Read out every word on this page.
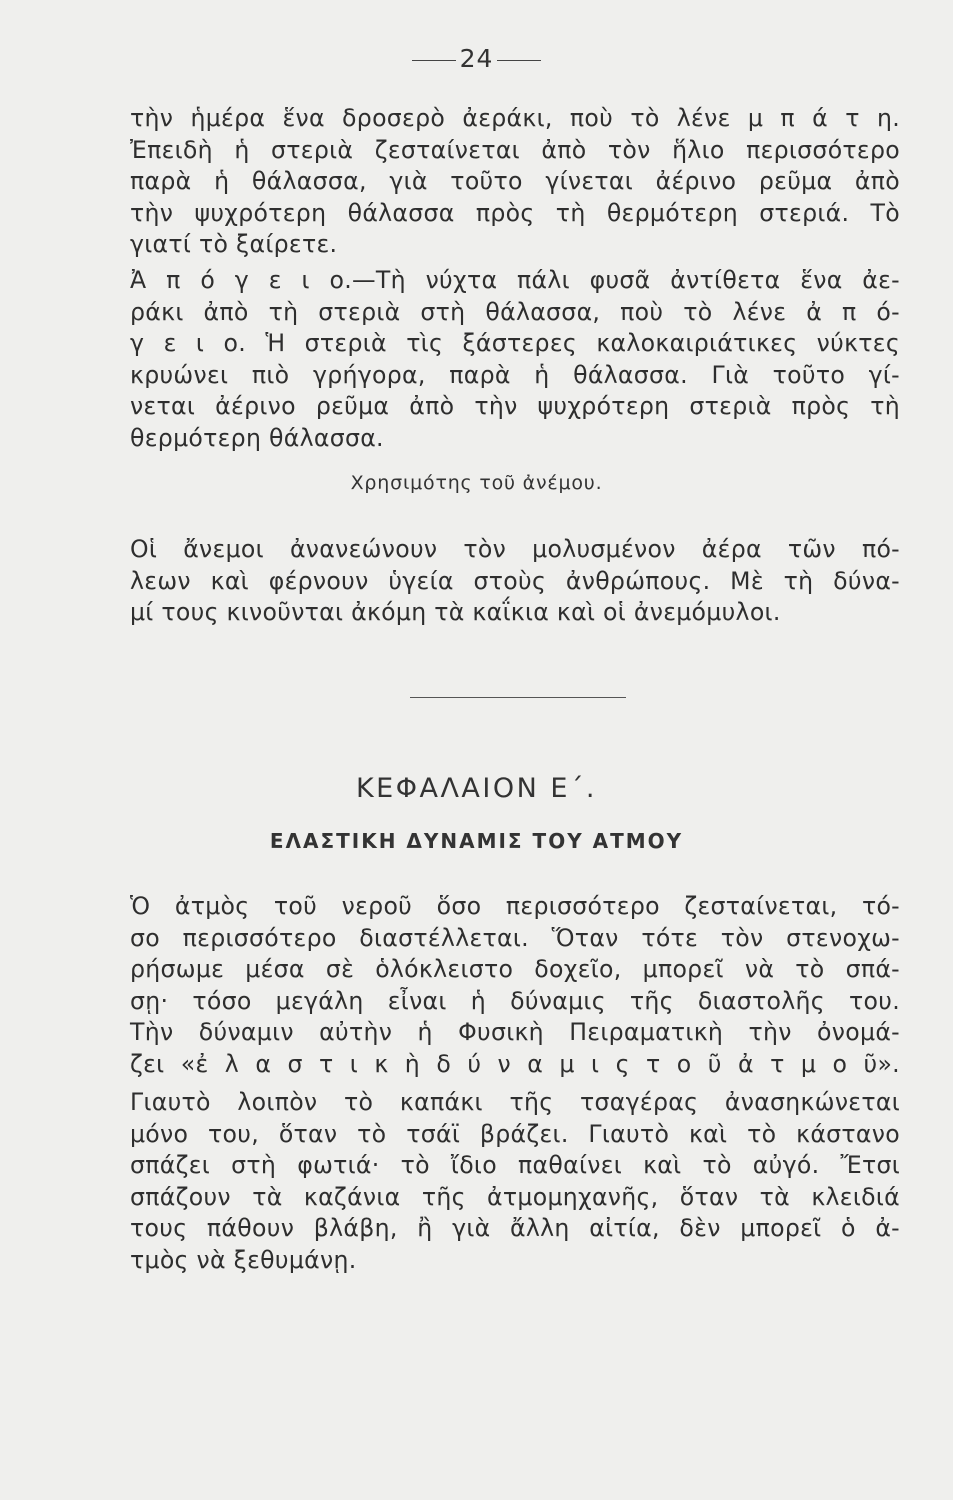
24
τὴν ἡμέρα ἕνα δροσερὸ ἀεράκι, ποὺ τὸ λένε μ π ά τ η.
Ἐπειδὴ ἡ στεριὰ ζεσταίνεται ἀπὸ τὸν ἥλιο περισσότερο
παρὰ ἡ θάλασσα, γιὰ τοῦτο γίνεται ἀέρινο ρεῦμα ἀπὸ
τὴν ψυχρότερη θάλασσα πρὸς τὴ θερμότερη στεριά. Τὸ
γιατί τὸ ξαίρετε.
Ἀ π ό γ ε ι ο.—Τὴ νύχτα πάλι φυσᾶ ἀντίθετα ἕνα ἀε-
ράκι ἀπὸ τὴ στεριὰ στὴ θάλασσα, ποὺ τὸ λένε ἀ π ό-
γ ε ι ο. Ἡ στεριὰ τὶς ξάστερες καλοκαιριάτικες νύκτες
κρυώνει πιὸ γρήγορα, παρὰ ἡ θάλασσα. Γιὰ τοῦτο γί-
νεται ἀέρινο ρεῦμα ἀπὸ τὴν ψυχρότερη στεριὰ πρὸς τὴ
θερμότερη θάλασσα.
Χρησιμότης τοῦ ἀνέμου.
Οἱ ἄνεμοι ἀνανεώνουν τὸν μολυσμένον ἀέρα τῶν πό-
λεων καὶ φέρνουν ὑγεία στοὺς ἀνθρώπους. Μὲ τὴ δύνα-
μί τους κινοῦνται ἀκόμη τὰ καΐκια καὶ οἱ ἀνεμόμυλοι.
ΚΕΦΑΛΑΙΟΝ Ε΄.
ΕΛΑΣΤΙΚΗ ΔΥΝΑΜΙΣ ΤΟΥ ΑΤΜΟΥ
Ὁ ἀτμὸς τοῦ νεροῦ ὅσο περισσότερο ζεσταίνεται, τό-
σο περισσότερο διαστέλλεται. Ὅταν τότε τὸν στενοχω-
ρήσωμε μέσα σὲ ὁλόκλειστο δοχεῖο, μπορεῖ νὰ τὸ σπά-
σῃ· τόσο μεγάλη εἶναι ἡ δύναμις τῆς διαστολῆς του.
Τὴν δύναμιν αὐτὴν ἡ Φυσικὴ Πειραματικὴ τὴν ὀνομά-
ζει «ἐ λ α σ τ ι κ ὴ δ ύ ν α μ ι ς τ ο ῦ ἀ τ μ ο ῦ».
Γιαυτὸ λοιπὸν τὸ καπάκι τῆς τσαγέρας ἀνασηκώνεται
μόνο του, ὅταν τὸ τσάϊ βράζει. Γιαυτὸ καὶ τὸ κάστανο
σπάζει στὴ φωτιά· τὸ ἴδιο παθαίνει καὶ τὸ αὐγό. Ἔτσι
σπάζουν τὰ καζάνια τῆς ἀτμομηχανῆς, ὅταν τὰ κλειδιά
τους πάθουν βλάβη, ἢ γιὰ ἄλλη αἰτία, δὲν μπορεῖ ὁ ἀ-
τμὸς νὰ ξεθυμάνῃ.
